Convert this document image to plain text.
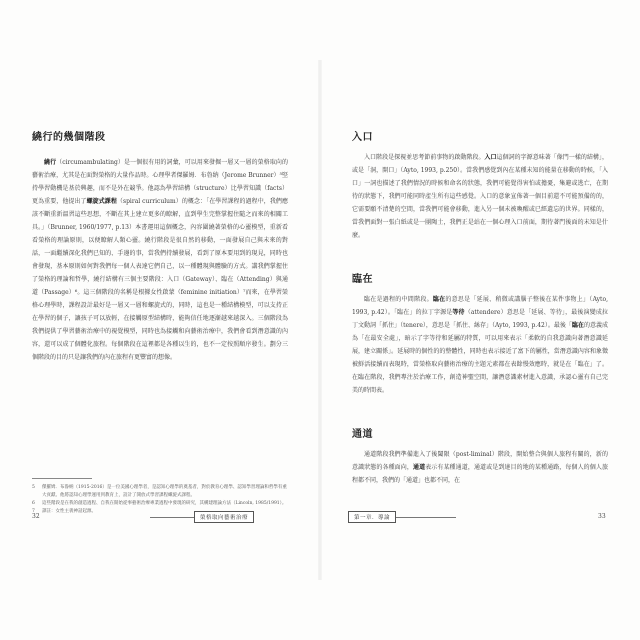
繞行的幾個階段

繞行（circumambulating）是一個很有用的詞彙，可以用來發掘一層又一層的榮格取向的藝術治療，尤其是在面對榮格的大量作品時。心理學者傑羅姆．布魯納（Jerome Brunner）⁵堅持學習動機是基於興趣，而不是外在競爭。他認為學習結構（structure）比學習知識（facts）更為重要，他提出了螺旋式課程（spiral curriculum）的概念：「在學習課程的過程中，我們應該不斷重新溫習這些思想，不斷在其上建立更多的瞭解，直到學生完整掌握住隨之而來的相關工具。」（Brunner, 1960/1977, p.13）本書運用這個概念，內容圍繞著榮格的心靈模型，重新看看榮格的理論原則，以便瞭解人類心靈。繞行階段是很自然的移動，一面發展自己與未來的對話，一面繼續深化我們已知的、手邊的事，當我們持續發展，看到了原本要用到的現見，同時也會發現，基本原則如何對我們每一個人表達它們自己，以一種體現與體驗的方式。講我們掌握住了榮格的理論和哲學，繞行結構有三個主要階段：入口（Gateway）、臨在（Attending）與通道（Passage）⁶。這三個階段的名稱是根據女性啟蒙（feminine initiation）⁷而來，在學習榮格心理學時，課程設計最好是一層又一層和螺旋式的，同時，這也是一種結構模型，可以支持正在學習的個子，讓孩子可以放輕，在接觸原型結構時，能夠信任地逐漸越來越深入。三個階段為我們提供了學習藝術治療中的視覺模型，同時也為接觸和向藝術治療中，我們會看到潛意識的內容，還可以成了個體化旅程。每個階段在這裡都是各種以生的，也不一定按照順序發生。劃分三個階段的目的只是讓我們的內在旅程有更豐富的想像。

5	傑羅姆．布魯納（1915-2016）是一位美國心理學者，是認知心理學的奠基者，對於教育心理學、認知學習理論和哲學有重大貢獻。他將認知心理學運用到教育上，設計了開放式學習課程螺旋式課程。
6	這些階段是在我的創造過程、自我在開始從事藝術治療專業過程中發現的研究，其構建理論方法（Lincoln, 1985/1991）。
7	譯註：女性主義神話起源。
32	榮格取向藝術治療
入口

入口階段是探視並思考節前事物的啟動階段。入口這個詞的字源意味著「像門一樣的結構」，或是「洞，開口」（Ayto, 1993, p.250）。當我們感覺到內在某種未知的能量在移動的時候，「入口」一詞也描述了我們情況的時候和命名的狀態，我們可能覺得害怕或擔憂，集避或逃亡，在期待的狀態下，我們可能同時產生所有這些感覺。入口的意象宣佈著一個目前還不可能預備的的，它需要願不清楚的空間，當我們可能會移動，進入另一個未被喚醒或已經遺忘的世界。同樣的，當我們面對一張白紙或是一團陶土，我們正是站在一個心理入口前面，期待著門後面的未知是什麼。

臨在

臨在是過程的中間階段。臨在的意思是「延展、稍微或講腦子整後在某件事物上」（Ayto, 1993, p.42）。「臨在」的拉丁字源是等待（attendere）意思是「延展、等待」，最後演變成拉丁文動詞「抓住」（tenere），意思是「抓住、絲存」（Ayto, 1993, p.42）。最後「臨在的意義成為「在最安全處」，暗示了字等待和延屬的特質，可以用來表示「柔軟的自我意識向著潛意識延展，建立關係」。延展時的個性的的整體性，同時也表示接近了富下的屬性，當潛意識內容和象徵被鮮活接續而表現時，當榮格取向藝術治療的主題元素都在表餘慢效應時，就是在「臨在」了。在臨在階段，我們專注於治療工作，創造神聖空間，讓潛意識素材進入意識，承認心靈有自己完美的時間表。

通道

通道階段我們準備進入了後閾限（post-liminal）階段，開始整合與個人旅程有關的，新的意識狀態的各種面向，通道表示有某種通道，通道或是到達目的地的某種通路，每個人的個人旅程都不同，我們的「通道」也都不同，在

第一章．導論	33
